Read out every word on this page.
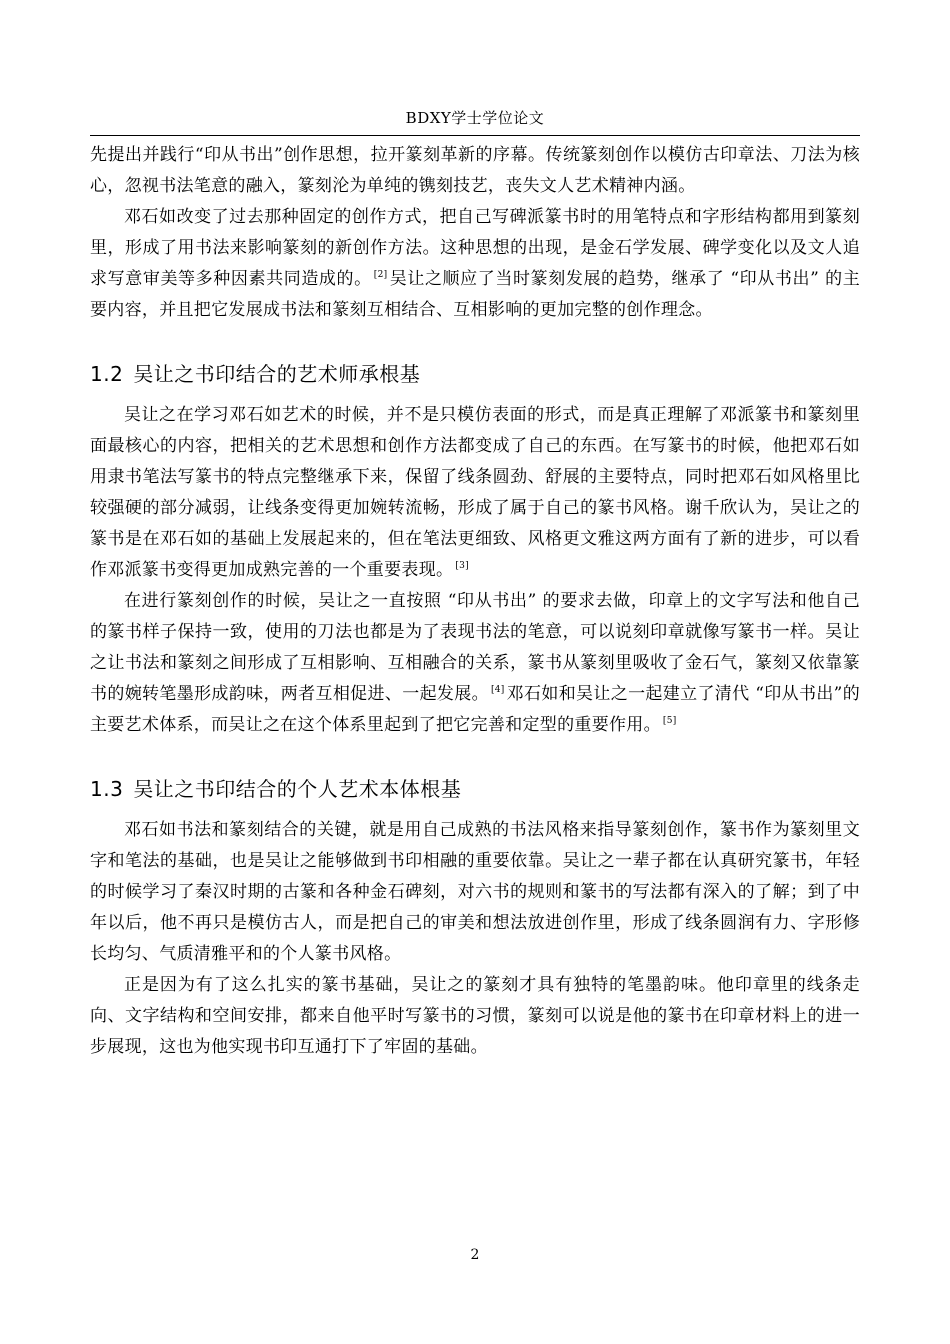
BDXY学士学位论文

先提出并践行“印从书出”创作思想，拉开篆刻革新的序幕。传统篆刻创作以模仿古印章法、刀法为核心，忽视书法笔意的融入，篆刻沦为单纯的镌刻技艺，丧失文人艺术精神内涵。

邓石如改变了过去那种固定的创作方式，把自己写碑派篆书时的用笔特点和字形结构都用到篆刻里，形成了用书法来影响篆刻的新创作方法。这种思想的出现，是金石学发展、碑学变化以及文人追求写意审美等多种因素共同造成的。 [2] 吴让之顺应了当时篆刻发展的趋势，继承了 “印从书出” 的主要内容，并且把它发展成书法和篆刻互相结合、互相影响的更加完整的创作理念。

1.2 吴让之书印结合的艺术师承根基

吴让之在学习邓石如艺术的时候，并不是只模仿表面的形式，而是真正理解了邓派篆书和篆刻里面最核心的内容，把相关的艺术思想和创作方法都变成了自己的东西。在写篆书的时候，他把邓石如用隶书笔法写篆书的特点完整继承下来，保留了线条圆劲、舒展的主要特点，同时把邓石如风格里比较强硬的部分减弱，让线条变得更加婉转流畅，形成了属于自己的篆书风格。谢千欣认为，吴让之的篆书是在邓石如的基础上发展起来的，但在笔法更细致、风格更文雅这两方面有了新的进步，可以看作邓派篆书变得更加成熟完善的一个重要表现。 [3]

在进行篆刻创作的时候，吴让之一直按照 “印从书出” 的要求去做，印章上的文字写法和他自己的篆书样子保持一致，使用的刀法也都是为了表现书法的笔意，可以说刻印章就像写篆书一样。吴让之让书法和篆刻之间形成了互相影响、互相融合的关系，篆书从篆刻里吸收了金石气，篆刻又依靠篆书的婉转笔墨形成韵味，两者互相促进、一起发展。 [4] 邓石如和吴让之一起建立了清代 “印从书出”的主要艺术体系，而吴让之在这个体系里起到了把它完善和定型的重要作用。 [5]

1.3 吴让之书印结合的个人艺术本体根基

邓石如书法和篆刻结合的关键，就是用自己成熟的书法风格来指导篆刻创作，篆书作为篆刻里文字和笔法的基础，也是吴让之能够做到书印相融的重要依靠。吴让之一辈子都在认真研究篆书，年轻的时候学习了秦汉时期的古篆和各种金石碑刻，对六书的规则和篆书的写法都有深入的了解；到了中年以后，他不再只是模仿古人，而是把自己的审美和想法放进创作里，形成了线条圆润有力、字形修长均匀、气质清雅平和的个人篆书风格。

正是因为有了这么扎实的篆书基础，吴让之的篆刻才具有独特的笔墨韵味。他印章里的线条走向、文字结构和空间安排，都来自他平时写篆书的习惯，篆刻可以说是他的篆书在印章材料上的进一步展现，这也为他实现书印互通打下了牢固的基础。

2
